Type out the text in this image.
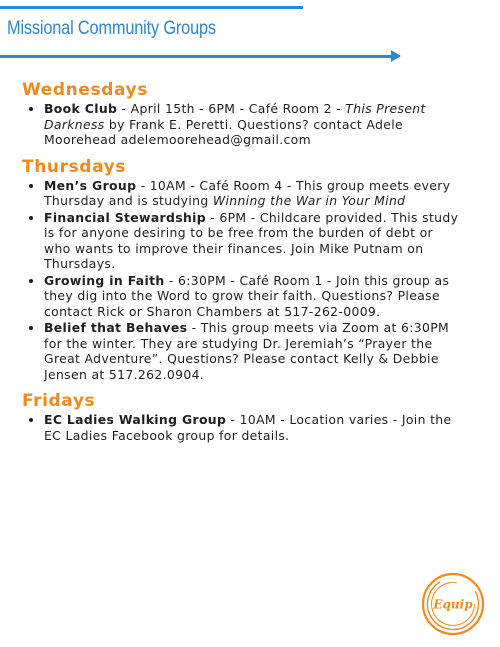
Missional Community Groups
Wednesdays
• Book Club - April 15th - 6PM - Café Room 2 - This Present Darkness by Frank E. Peretti. Questions? contact Adele Moorehead adelemoorehead@gmail.com
Thursdays
• Men’s Group - 10AM - Café Room 4 - This group meets every Thursday and is studying Winning the War in Your Mind
• Financial Stewardship - 6PM - Childcare provided. This study is for anyone desiring to be free from the burden of debt or who wants to improve their finances. Join Mike Putnam on Thursdays.
• Growing in Faith - 6:30PM - Café Room 1 - Join this group as they dig into the Word to grow their faith. Questions? Please contact Rick or Sharon Chambers at 517-262-0009.
• Belief that Behaves - This group meets via Zoom at 6:30PM for the winter. They are studying Dr. Jeremiah’s “Prayer the Great Adventure”. Questions? Please contact Kelly & Debbie Jensen at 517.262.0904.
Fridays
• EC Ladies Walking Group - 10AM - Location varies - Join the EC Ladies Facebook group for details.
Equip
